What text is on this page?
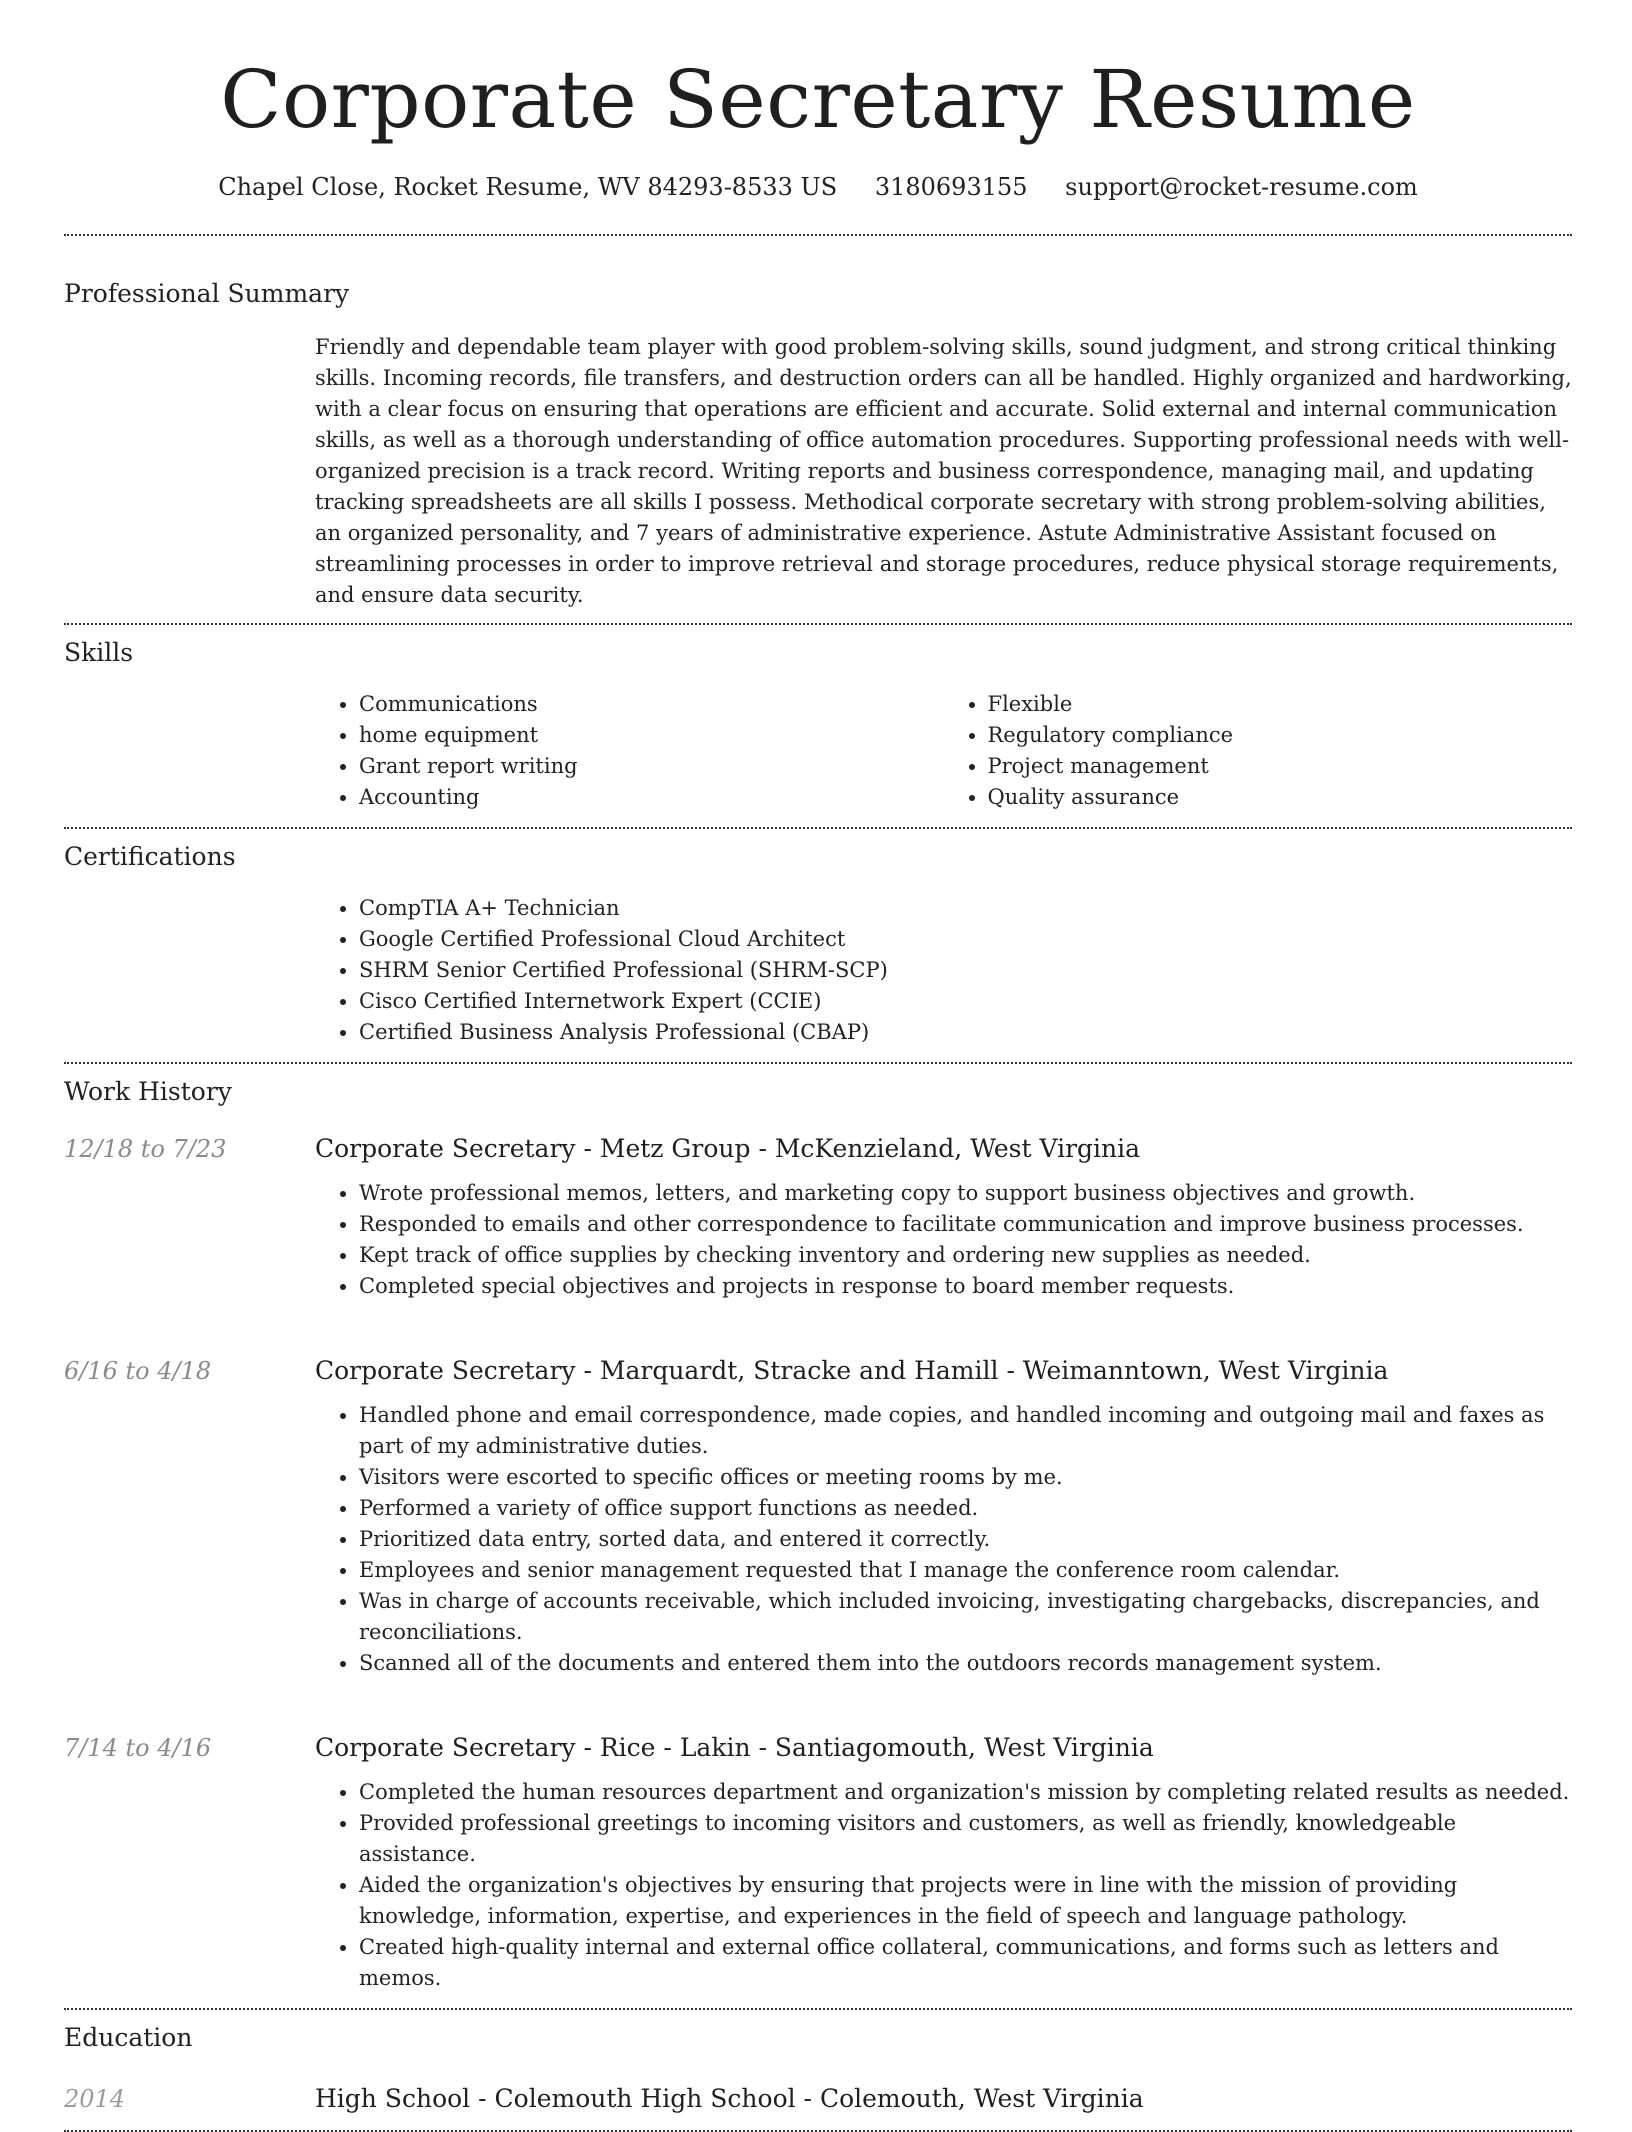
Corporate Secretary Resume
Chapel Close, Rocket Resume, WV 84293-8533 US 3180693155 support@rocket-resume.com
Professional Summary
Friendly and dependable team player with good problem-solving skills, sound judgment, and strong critical thinking skills. Incoming records, file transfers, and destruction orders can all be handled. Highly organized and hardworking, with a clear focus on ensuring that operations are efficient and accurate. Solid external and internal communication skills, as well as a thorough understanding of office automation procedures. Supporting professional needs with well-organized precision is a track record. Writing reports and business correspondence, managing mail, and updating tracking spreadsheets are all skills I possess. Methodical corporate secretary with strong problem-solving abilities, an organized personality, and 7 years of administrative experience. Astute Administrative Assistant focused on streamlining processes in order to improve retrieval and storage procedures, reduce physical storage requirements, and ensure data security.
Skills
• Communications
• home equipment
• Grant report writing
• Accounting
• Flexible
• Regulatory compliance
• Project management
• Quality assurance
Certifications
• CompTIA A+ Technician
• Google Certified Professional Cloud Architect
• SHRM Senior Certified Professional (SHRM-SCP)
• Cisco Certified Internetwork Expert (CCIE)
• Certified Business Analysis Professional (CBAP)
Work History
12/18 to 7/23	Corporate Secretary - Metz Group - McKenzieland, West Virginia
• Wrote professional memos, letters, and marketing copy to support business objectives and growth.
• Responded to emails and other correspondence to facilitate communication and improve business processes.
• Kept track of office supplies by checking inventory and ordering new supplies as needed.
• Completed special objectives and projects in response to board member requests.
6/16 to 4/18	Corporate Secretary - Marquardt, Stracke and Hamill - Weimanntown, West Virginia
• Handled phone and email correspondence, made copies, and handled incoming and outgoing mail and faxes as part of my administrative duties.
• Visitors were escorted to specific offices or meeting rooms by me.
• Performed a variety of office support functions as needed.
• Prioritized data entry, sorted data, and entered it correctly.
• Employees and senior management requested that I manage the conference room calendar.
• Was in charge of accounts receivable, which included invoicing, investigating chargebacks, discrepancies, and reconciliations.
• Scanned all of the documents and entered them into the outdoors records management system.
7/14 to 4/16	Corporate Secretary - Rice - Lakin - Santiagomouth, West Virginia
• Completed the human resources department and organization's mission by completing related results as needed.
• Provided professional greetings to incoming visitors and customers, as well as friendly, knowledgeable assistance.
• Aided the organization's objectives by ensuring that projects were in line with the mission of providing knowledge, information, expertise, and experiences in the field of speech and language pathology.
• Created high-quality internal and external office collateral, communications, and forms such as letters and memos.
Education
2014	High School - Colemouth High School - Colemouth, West Virginia
